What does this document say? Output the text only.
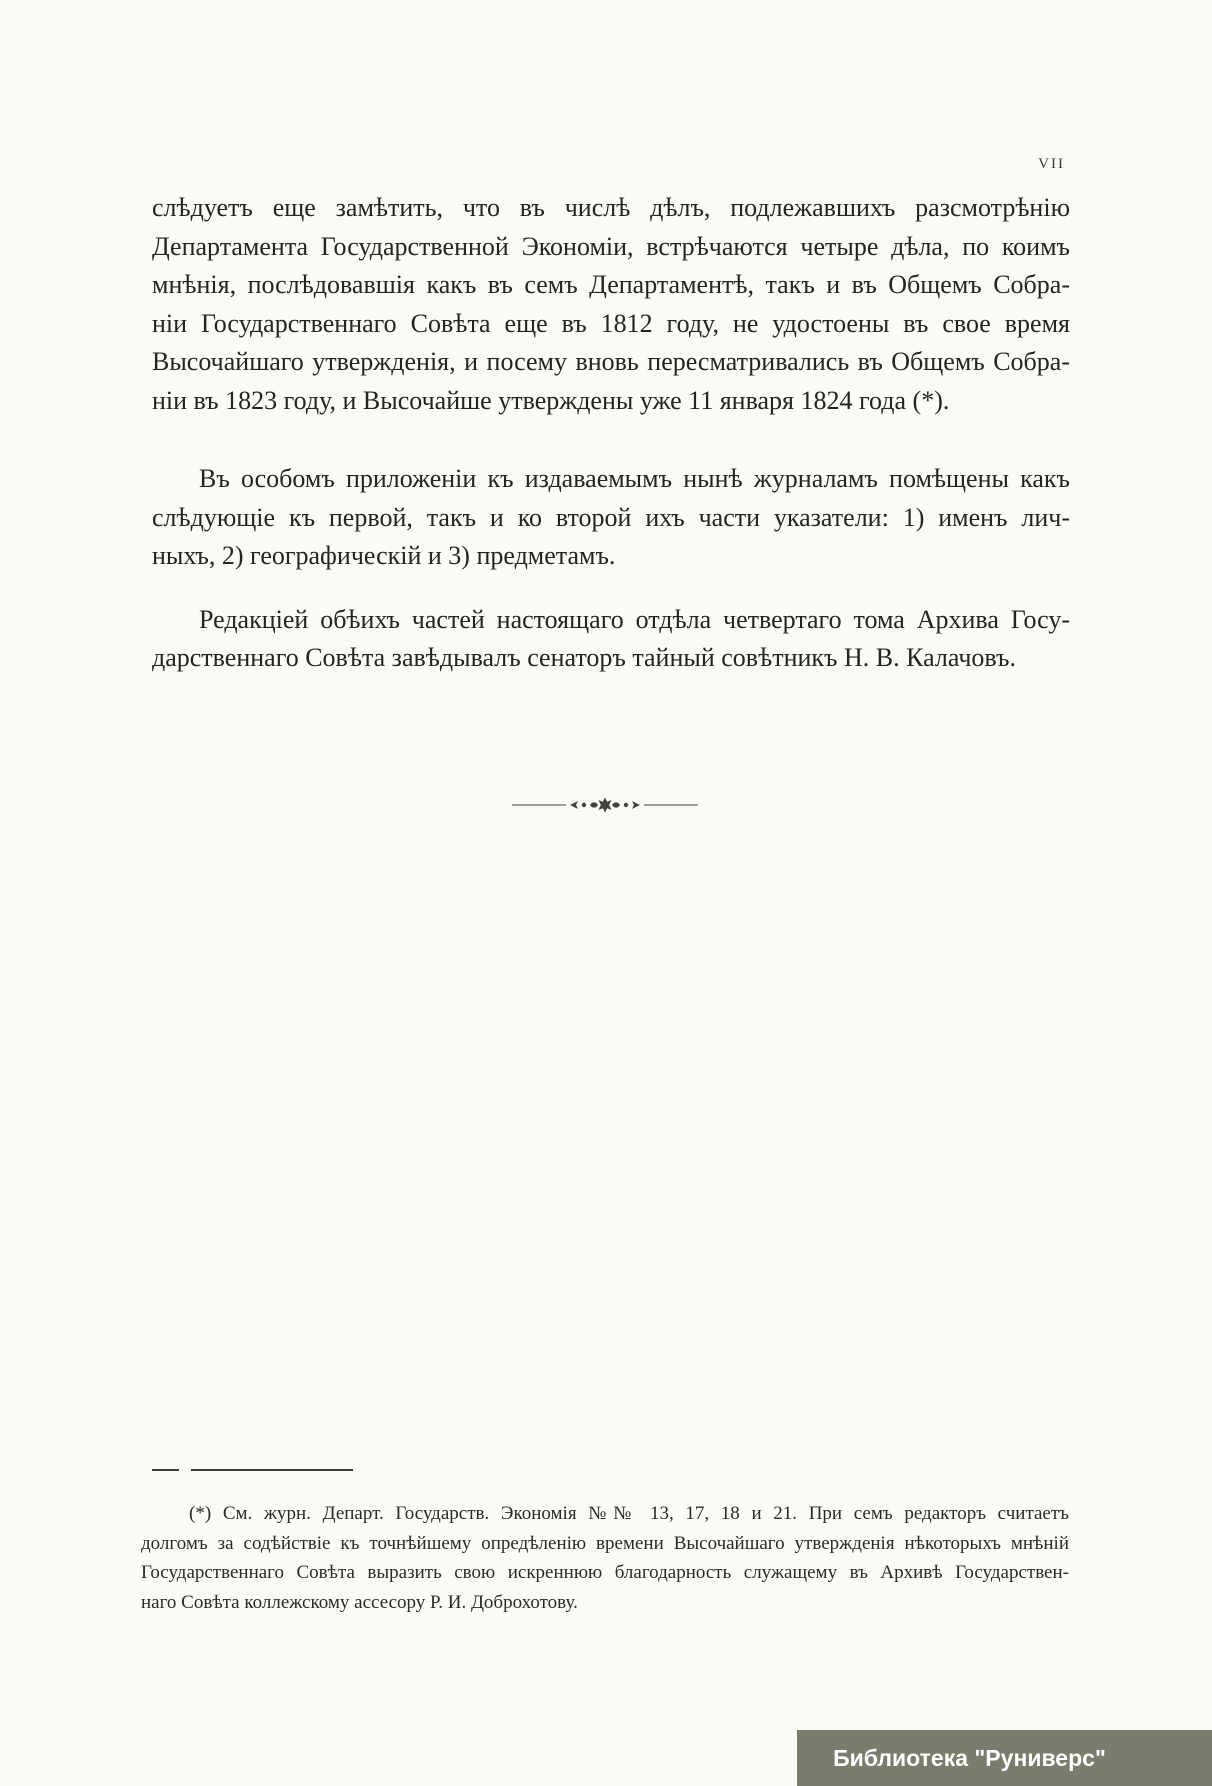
VII
слѣдуетъ еще замѣтить, что въ числѣ дѣлъ, подлежавшихъ разсмотрѣнію
Департамента Государственной Экономіи, встрѣчаются четыре дѣла, по коимъ
мнѣнія, послѣдовавшія какъ въ семъ Департаментѣ, такъ и въ Общемъ Собра-
ніи Государственнаго Совѣта еще въ 1812 году, не удостоены въ свое время
Высочайшаго утвержденія, и посему вновь пересматривались въ Общемъ Собра-
ніи въ 1823 году, и Высочайше утверждены уже 11 января 1824 года (*).
Въ особомъ приложеніи къ издаваемымъ нынѣ журналамъ помѣщены какъ
слѣдующіе къ первой, такъ и ко второй ихъ части указатели: 1) именъ лич-
ныхъ, 2) географическій и 3) предметамъ.
Редакціей обѣихъ частей настоящаго отдѣла четвертаго тома Архива Госу-
дарственнаго Совѣта завѣдывалъ сенаторъ тайный совѣтникъ Н. В. Калачовъ.
(*) См. журн. Департ. Государств. Экономія №№ 13, 17, 18 и 21. При семъ редакторъ считаетъ
долгомъ за содѣйствіе къ точнѣйшему опредѣленію времени Высочайшаго утвержденія нѣкоторыхъ мнѣній
Государственнаго Совѣта выразить свою искреннюю благодарность служащему въ Архивѣ Государствен-
наго Совѣта коллежскому ассесору Р. И. Доброхотову.
Библиотека "Руниверс"
